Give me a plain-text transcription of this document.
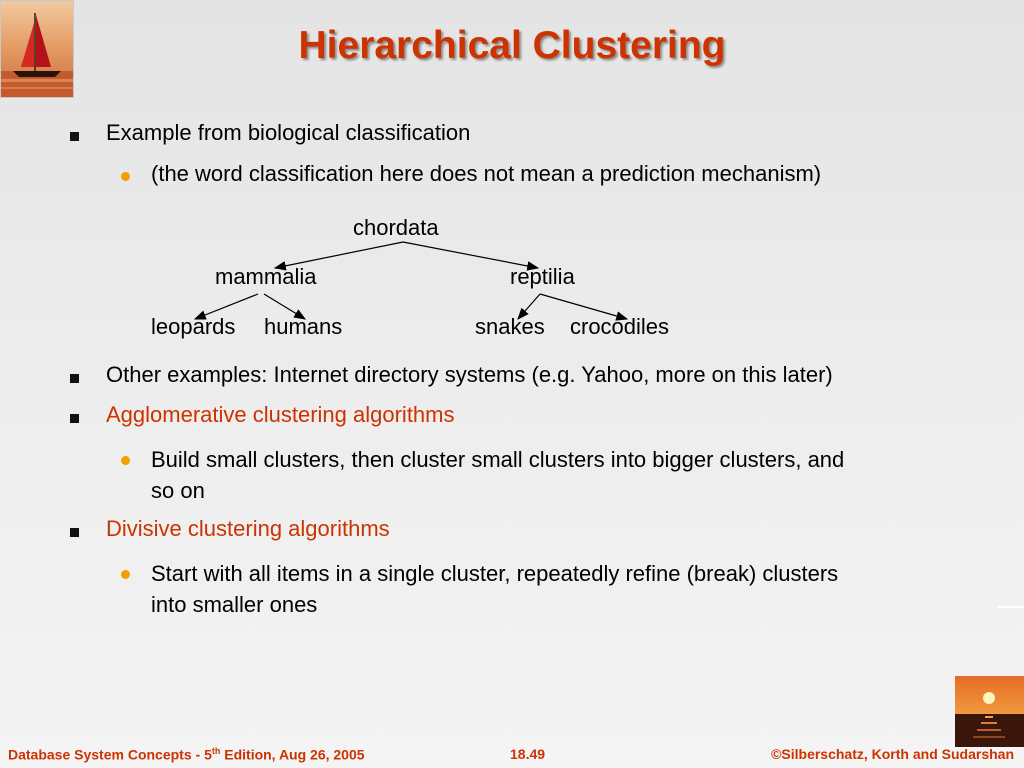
Hierarchical Clustering
Example from biological classification
(the word classification here does not mean a prediction mechanism)
chordata
mammalia	reptilia
leopards humans	snakes crocodiles
Other examples: Internet directory systems (e.g. Yahoo, more on this later)
Agglomerative clustering algorithms
Build small clusters, then cluster small clusters into bigger clusters, and
so on
Divisive clustering algorithms
Start with all items in a single cluster, repeatedly refine (break) clusters
into smaller ones
Database System Concepts - 5th Edition, Aug 26, 2005	18.49	©Silberschatz, Korth and Sudarshan
